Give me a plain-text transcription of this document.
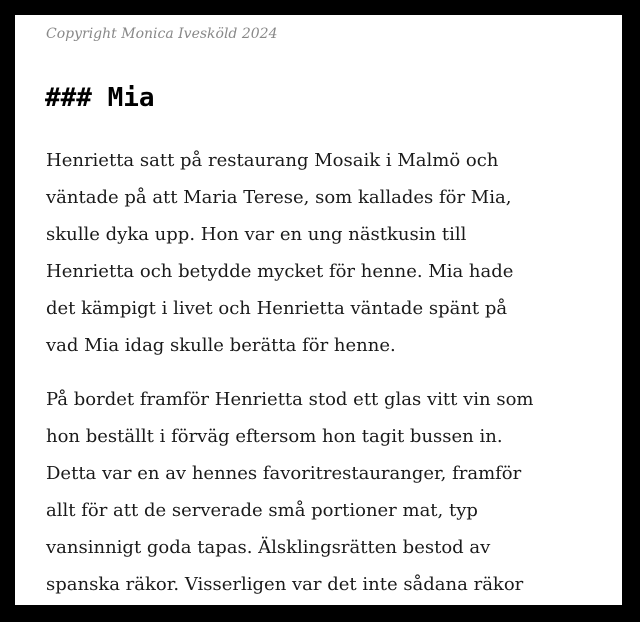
Copyright Monica Ivesköld 2024
### Mia

Henrietta satt på restaurang Mosaik i Malmö och
väntade på att Maria Terese, som kallades för Mia,
skulle dyka upp. Hon var en ung nästkusin till
Henrietta och betydde mycket för henne. Mia hade
det kämpigt i livet och Henrietta väntade spänt på
vad Mia idag skulle berätta för henne.

På bordet framför Henrietta stod ett glas vitt vin som
hon beställt i förväg eftersom hon tagit bussen in.
Detta var en av hennes favoritrestauranger, framför
allt för att de serverade små portioner mat, typ
vansinnigt goda tapas. Älsklingsrätten bestod av
spanska räkor. Visserligen var det inte sådana räkor
